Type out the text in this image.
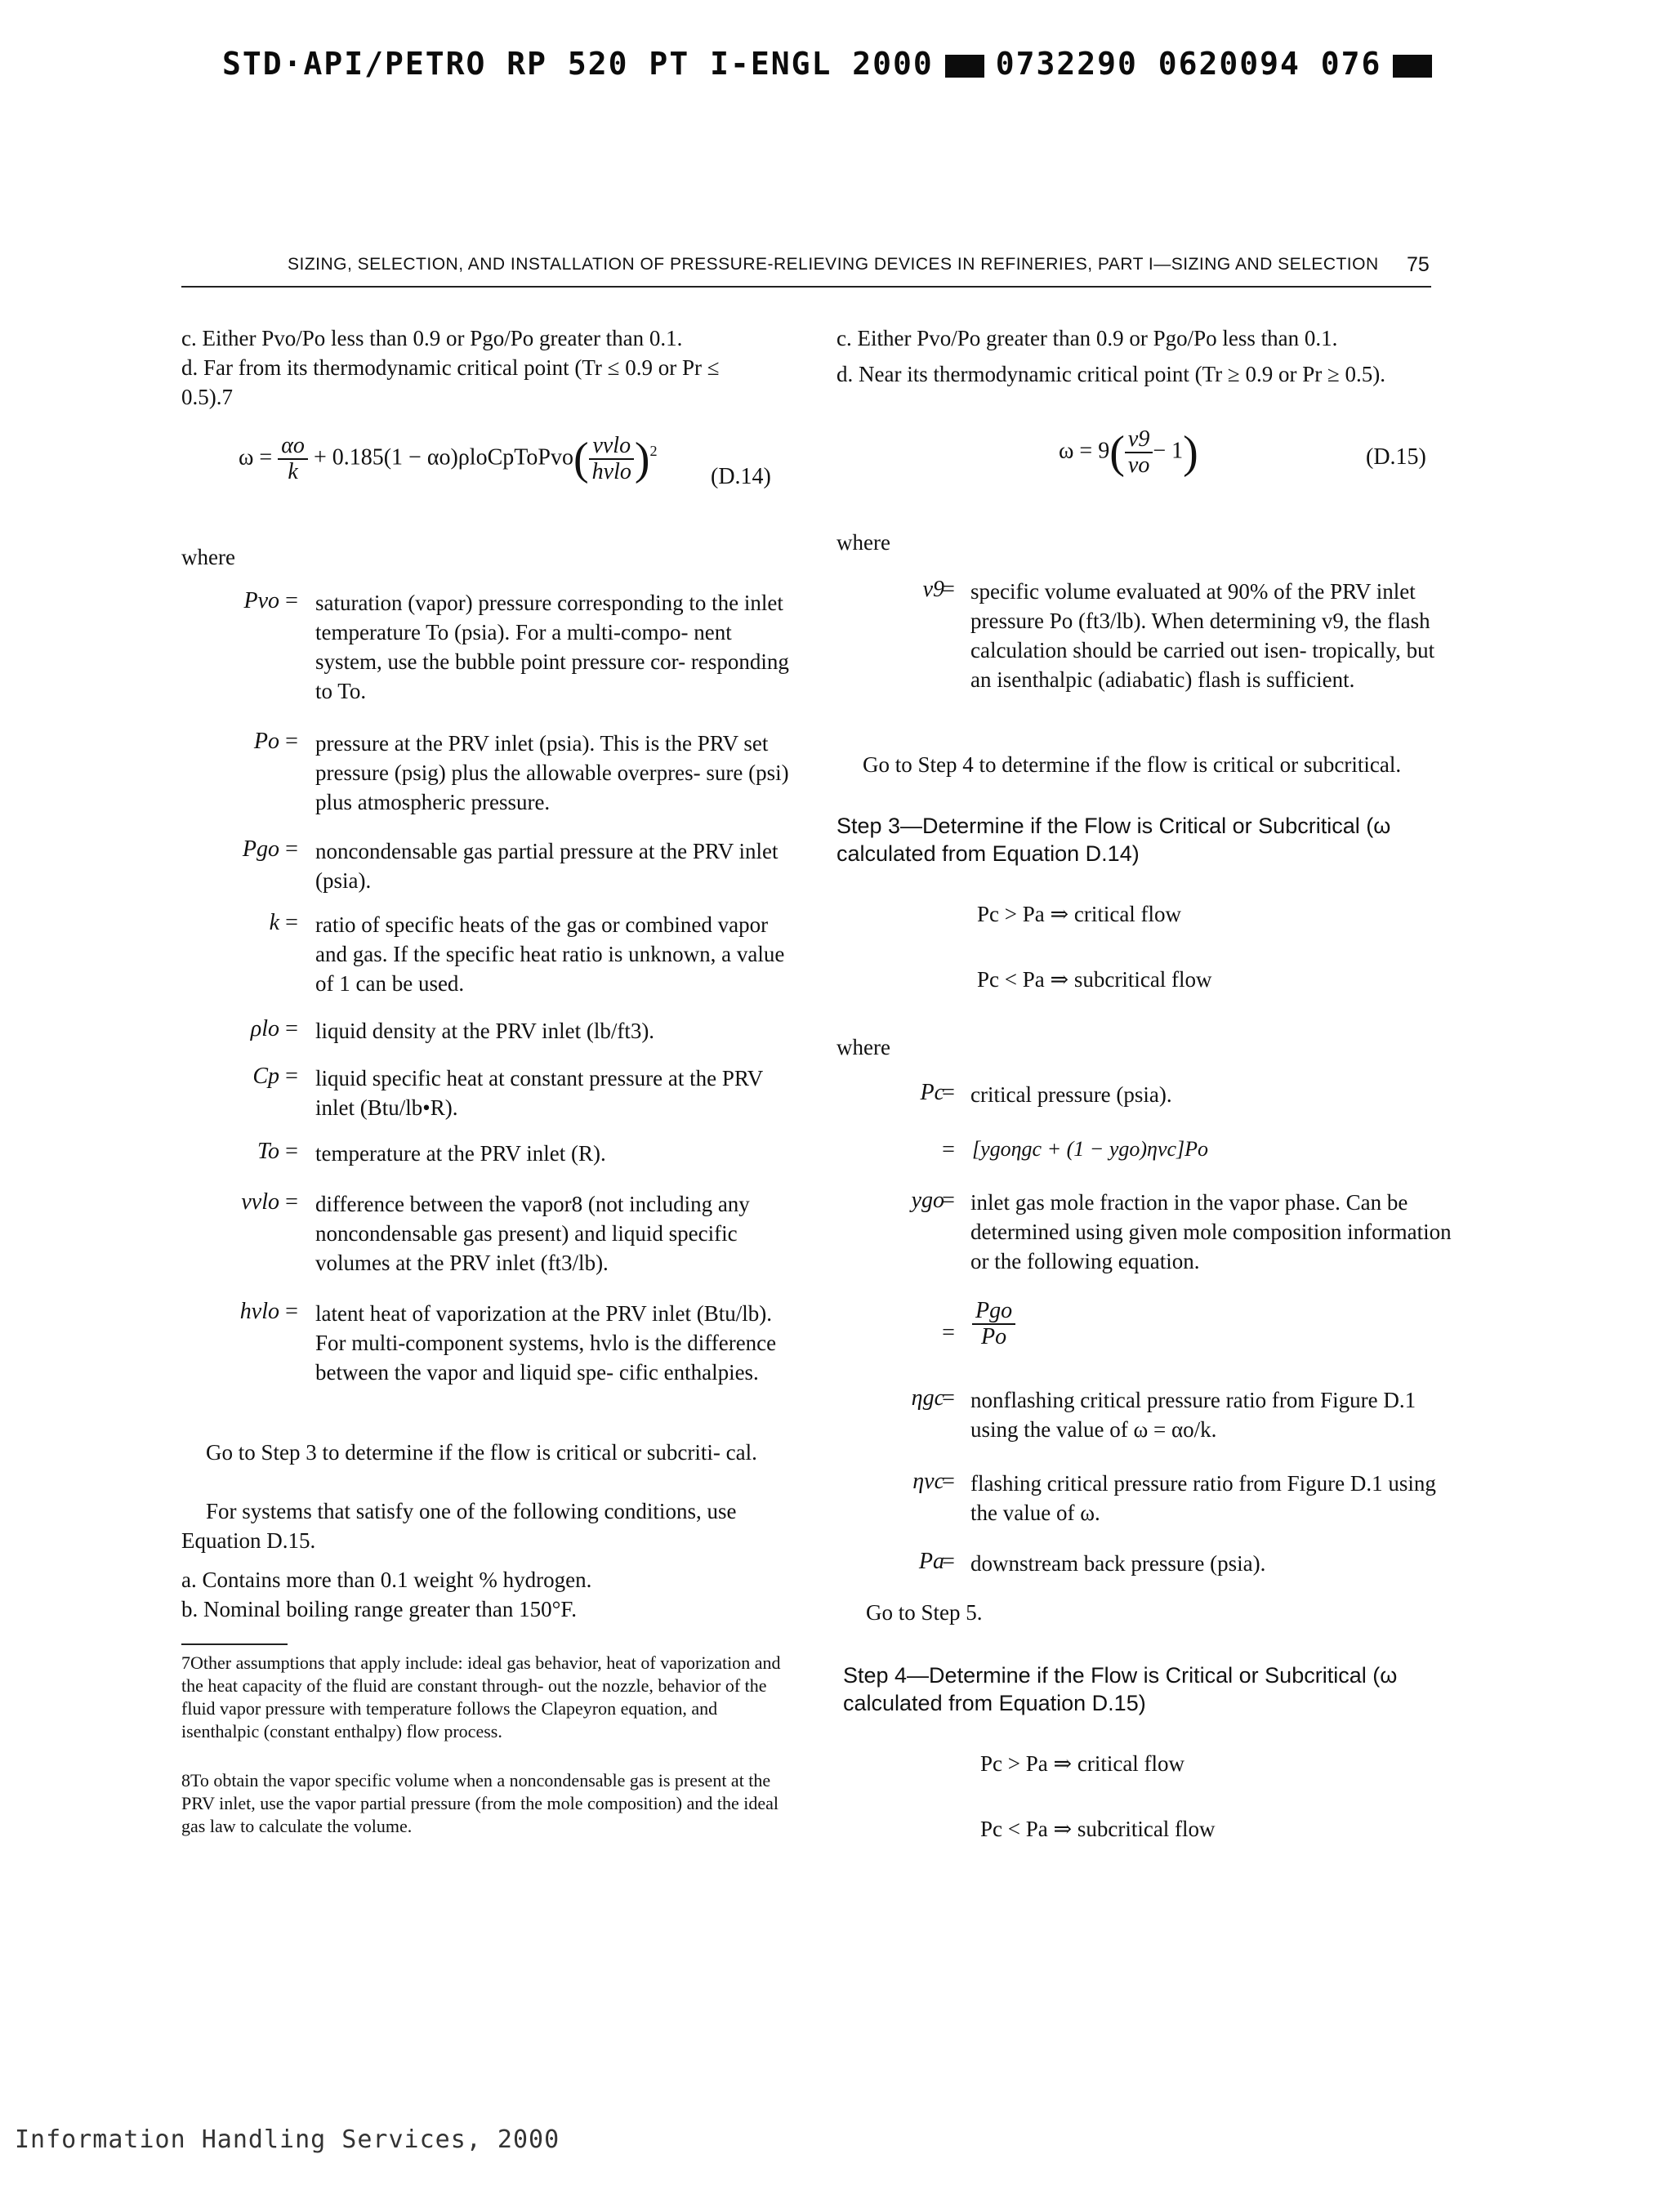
STD·API/PETRO RP 520 PT I-ENGL 2000 0732290 0620094 076
SIZING, SELECTION, AND INSTALLATION OF PRESSURE-RELIEVING DEVICES IN REFINERIES, PART I—SIZING AND SELECTION 75
c. Either Pvo/Po less than 0.9 or Pgo/Po greater than 0.1.
d. Far from its thermodynamic critical point (Tr ≤ 0.9 or Pr ≤
0.5).7
$\omega = \frac{\alpha o}{k} + 0.185(1$ − αo)ρloCpToPvo( $\frac{\text{vvlo}}{\text{hvlo}} )^2$
(D.14)
where
Pvo = saturation (vapor) pressure corresponding to the inlet temperature To (psia). For a multi-compo- nent system, use the bubble point pressure cor- responding to To.
Po = pressure at the PRV inlet (psia). This is the PRV set pressure (psig) plus the allowable overpres- sure (psi) plus atmospheric pressure.
Pgo = noncondensable gas partial pressure at the PRV inlet (psia).
k = ratio of specific heats of the gas or combined vapor and gas. If the specific heat ratio is unknown, a value of 1 can be used.
ρlo = liquid density at the PRV inlet (lb/ft3).
Cp = liquid specific heat at constant pressure at the PRV inlet (Btu/lb•R).
To = temperature at the PRV inlet (R).
vvlo = difference between the vapor8 (not including any noncondensable gas present) and liquid specific volumes at the PRV inlet (ft3/lb).
hvlo = latent heat of vaporization at the PRV inlet (Btu/lb). For multi-component systems, hvlo is the difference between the vapor and liquid spe- cific enthalpies.
Go to Step 3 to determine if the flow is critical or subcriti- cal.
For systems that satisfy one of the following conditions, use Equation D.15.
a. Contains more than 0.1 weight % hydrogen.
b. Nominal boiling range greater than 150°F.
7Other assumptions that apply include: ideal gas behavior, heat of vaporization and the heat capacity of the fluid are constant through- out the nozzle, behavior of the fluid vapor pressure with temperature follows the Clapeyron equation, and isenthalpic (constant enthalpy) flow process.
8To obtain the vapor specific volume when a noncondensable gas is present at the PRV inlet, use the vapor partial pressure (from the mole composition) and the ideal gas law to calculate the volume.
c. Either Pvo/Po greater than 0.9 or Pgo/Po less than 0.1.
d. Near its thermodynamic critical point (Tr ≥ 0.9 or Pr ≥ 0.5).
$\omega = 9( \frac{v9}{vo} - 1)$	(D.15)
where
v9
= specific volume evaluated at 90% of the PRV inlet pressure Po (ft3/lb). When determining v9, the flash calculation should be carried out isen- tropically, but an isenthalpic (adiabatic) flash is sufficient.
Go to Step 4 to determine if the flow is critical or subcritical.
Step 3—Determine if the Flow is Critical or Subcritical (ω calculated from Equation D.14)
Pc > Pa ⇒ critical flow
Pc < Pa ⇒ subcritical flow
where
Pc
= critical pressure (psia).
= [ygoηgc + (1 − ygo)ηvc]Po
ygo
= inlet gas mole fraction in the vapor phase. Can be determined using given mole composition information or the following equation.
= $\frac{\text{Pgo}}{Po}$
ηgc
= nonflashing critical pressure ratio from Figure D.1 using the value of ω = αo/k.
ηvc
= flashing critical pressure ratio from Figure D.1 using the value of ω.
Pa
= downstream back pressure (psia).
Go to Step 5.
Step 4—Determine if the Flow is Critical or Subcritical (ω calculated from Equation D.15)
Pc > Pa ⇒ critical flow
Pc < Pa ⇒ subcritical flow
Information Handling Services, 2000
